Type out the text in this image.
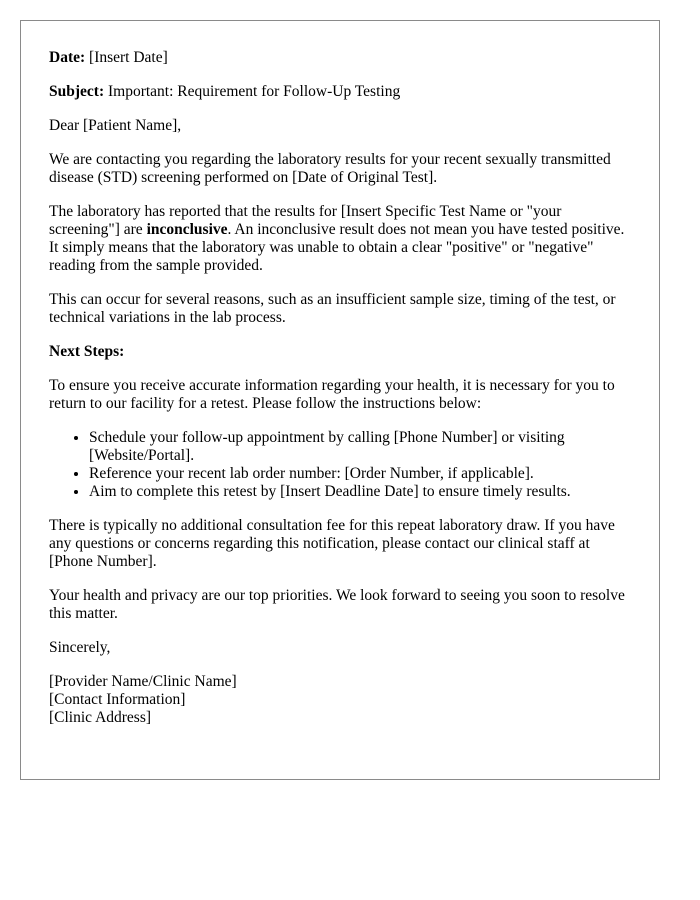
Date: [Insert Date]

Subject: Important: Requirement for Follow-Up Testing

Dear [Patient Name],

We are contacting you regarding the laboratory results for your recent sexually transmitted disease (STD) screening performed on [Date of Original Test].

The laboratory has reported that the results for [Insert Specific Test Name or "your screening"] are inconclusive. An inconclusive result does not mean you have tested positive. It simply means that the laboratory was unable to obtain a clear "positive" or "negative" reading from the sample provided.

This can occur for several reasons, such as an insufficient sample size, timing of the test, or technical variations in the lab process.

Next Steps:

To ensure you receive accurate information regarding your health, it is necessary for you to return to our facility for a retest. Please follow the instructions below:

• Schedule your follow-up appointment by calling [Phone Number] or visiting [Website/Portal].
• Reference your recent lab order number: [Order Number, if applicable].
• Aim to complete this retest by [Insert Deadline Date] to ensure timely results.

There is typically no additional consultation fee for this repeat laboratory draw. If you have any questions or concerns regarding this notification, please contact our clinical staff at [Phone Number].

Your health and privacy are our top priorities. We look forward to seeing you soon to resolve this matter.

Sincerely,

[Provider Name/Clinic Name]

[Contact Information]

[Clinic Address]
